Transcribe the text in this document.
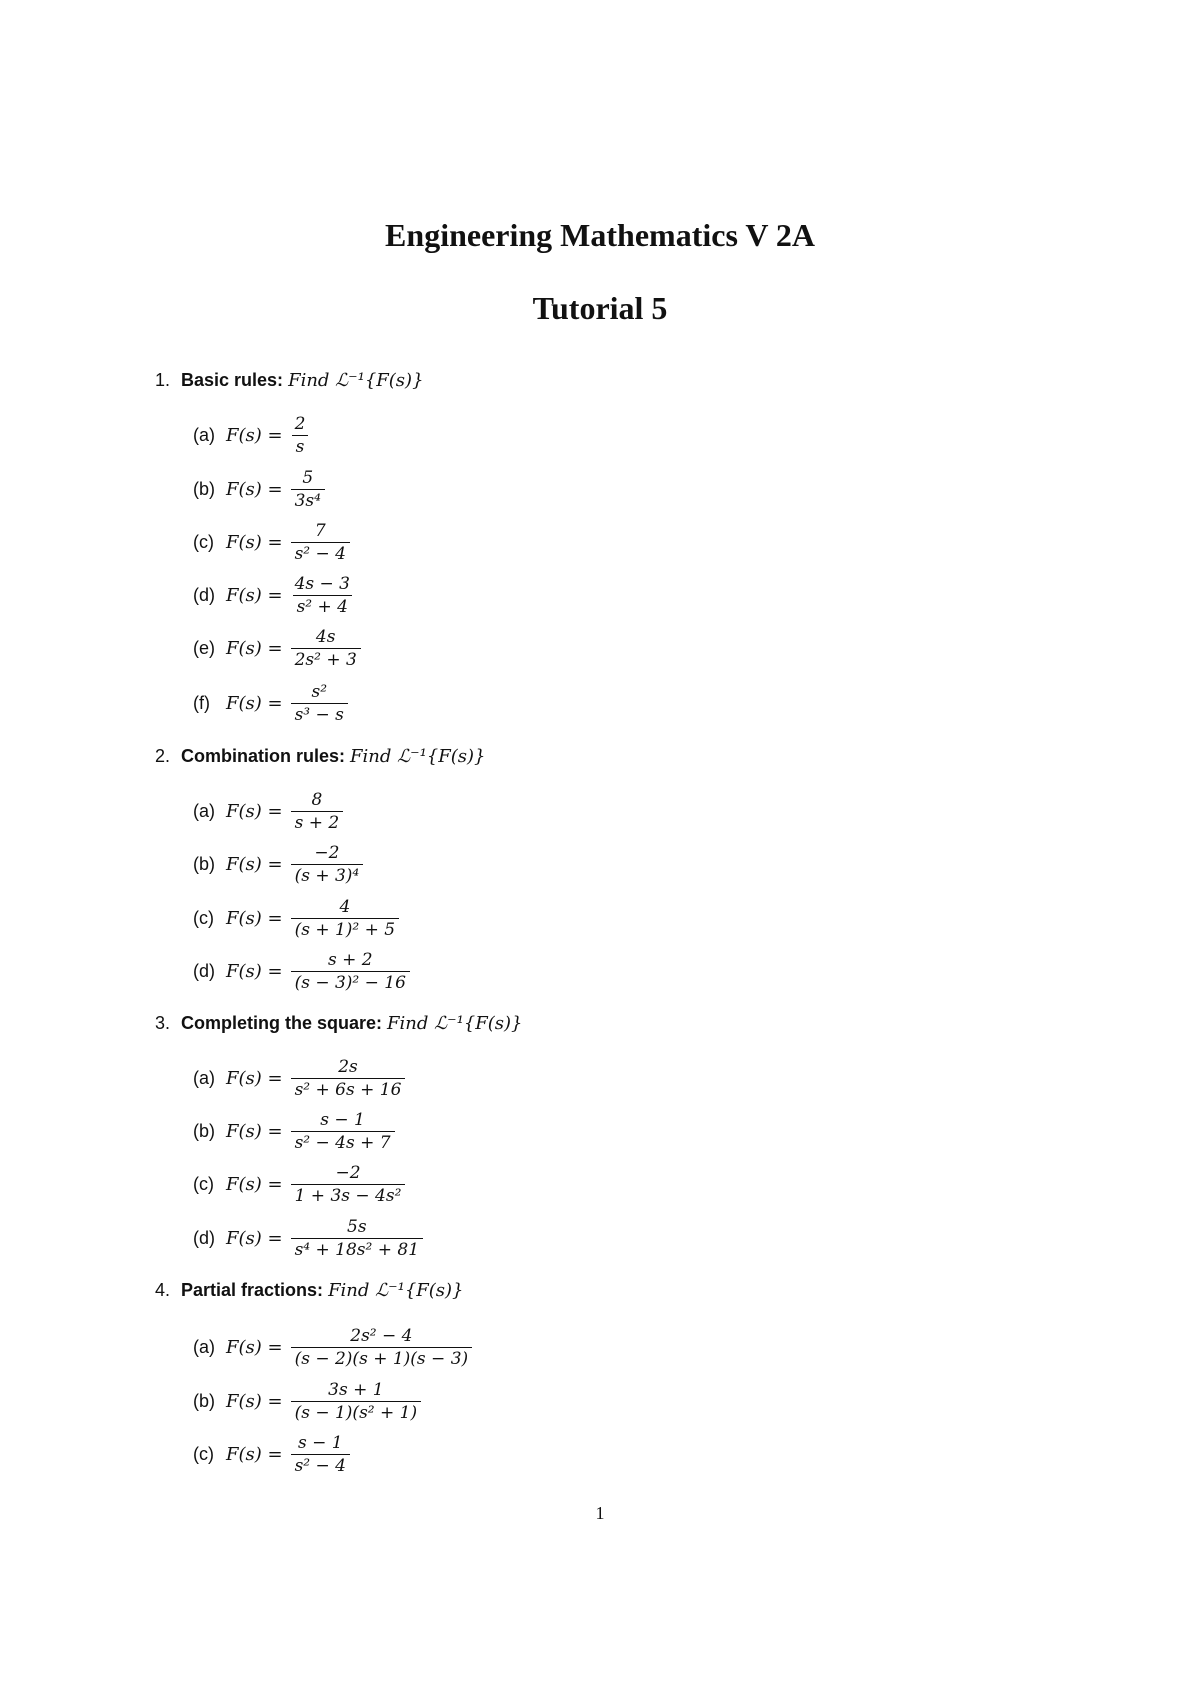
Engineering Mathematics V 2A
Tutorial 5
1. Basic rules: Find ℒ⁻¹{F(s)}
(a) $F(s) = \frac{2}{s}$
(b) $F(s) = \frac{5}{\text{3s⁴}}$
(c) $F(s) = \frac{7}{\text{s² − 4}}$
(d) $F(s) = \frac{4s - 3}{\text{s² + 4}}$
(e) $F(s) = \frac{4s}{\text{2s² + 3}}$
(f) $F(s) = \frac{\text{s²}}{\text{s³ − s}}$
2. Combination rules: Find ℒ⁻¹{F(s)}
(a) $F(s) = \frac{8}{s + 2}$
(b) $F(s) = \frac{-2}{\text{(s + 3)⁴}}$
(c) $F(s) = \frac{4}{\text{(s + 1)² + 5}}$
(d) $F(s) = \frac{s + 2}{\text{(s − 3)² − 16}}$
3. Completing the square: Find ℒ⁻¹{F(s)}
(a) $F(s) = \frac{2s}{\text{s² + 6s + 16}}$
(b) $F(s) = \frac{s - 1}{\text{s² − 4s + 7}}$
(c) $F(s) = \frac{-2}{\text{1 + 3s − 4s²}}$
(d) $F(s) = \frac{5s}{\text{s⁴ + 18s² + 81}}$
4. Partial fractions: Find ℒ⁻¹{F(s)}
(a) $F(s) = \frac{\text{2s² − 4}}{(s - 2)(s + 1)(s - 3)}$
(b) $F(s) = \frac{3s + 1}{\text{(s − 1)(s² + 1)}}$
(c) $F(s) = \frac{s - 1}{\text{s² − 4}}$
1
